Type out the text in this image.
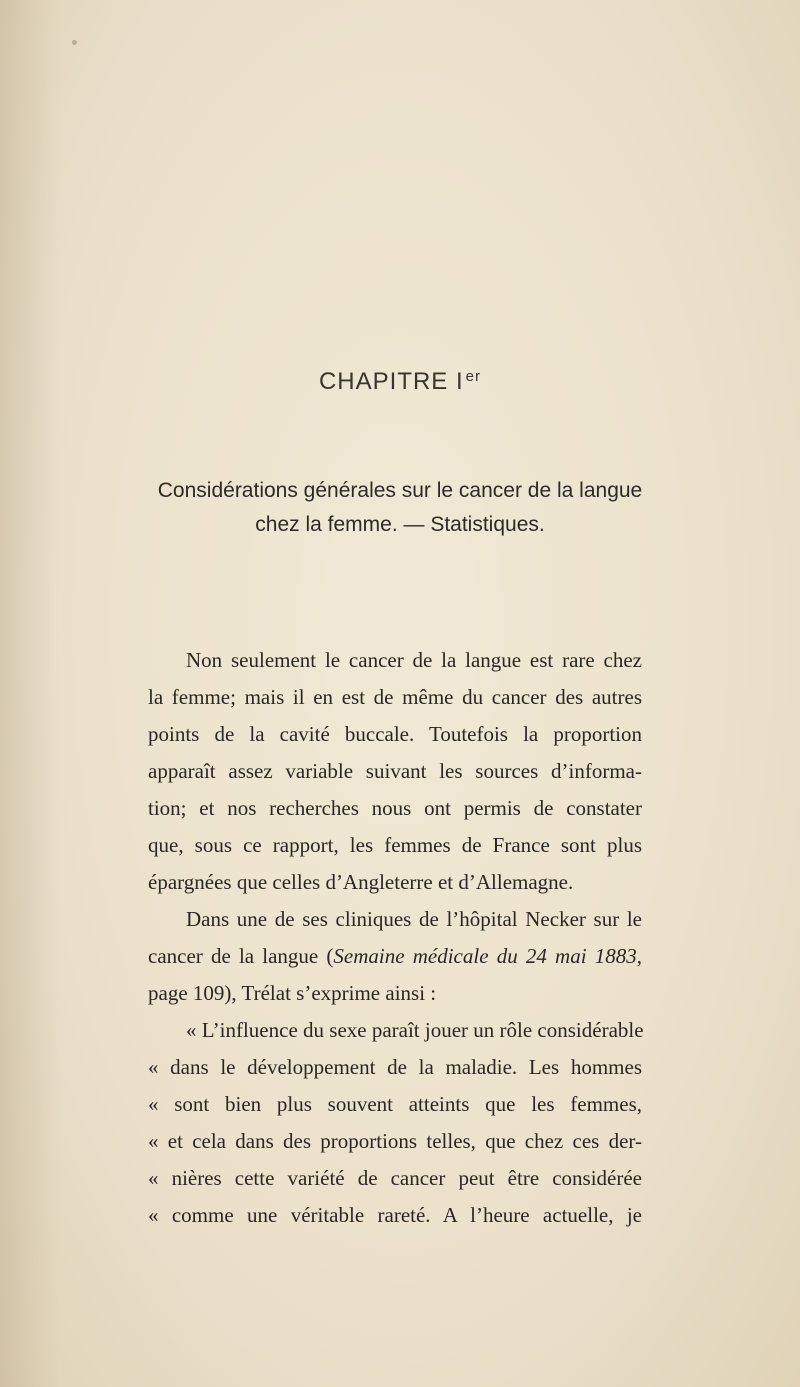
CHAPITRE I $^{er}$
Considérations générales sur le cancer de la langue
chez la femme. — Statistiques.
Non seulement le cancer de la langue est rare chez
la femme; mais il en est de même du cancer des autres
points de la cavité buccale. Toutefois la proportion
apparaît assez variable suivant les sources d’informa-
tion; et nos recherches nous ont permis de constater
que, sous ce rapport, les femmes de France sont plus
épargnées que celles d’Angleterre et d’Allemagne.
Dans une de ses cliniques de l’hôpital Necker sur le
cancer de la langue (Semaine médicale du 24 mai 1883,
page 109), Trélat s’exprime ainsi :
« L’influence du sexe paraît jouer un rôle considérable
« dans le développement de la maladie. Les hommes
« sont bien plus souvent atteints que les femmes,
« et cela dans des proportions telles, que chez ces der-
« nières cette variété de cancer peut être considérée
« comme une véritable rareté. A l’heure actuelle, je
